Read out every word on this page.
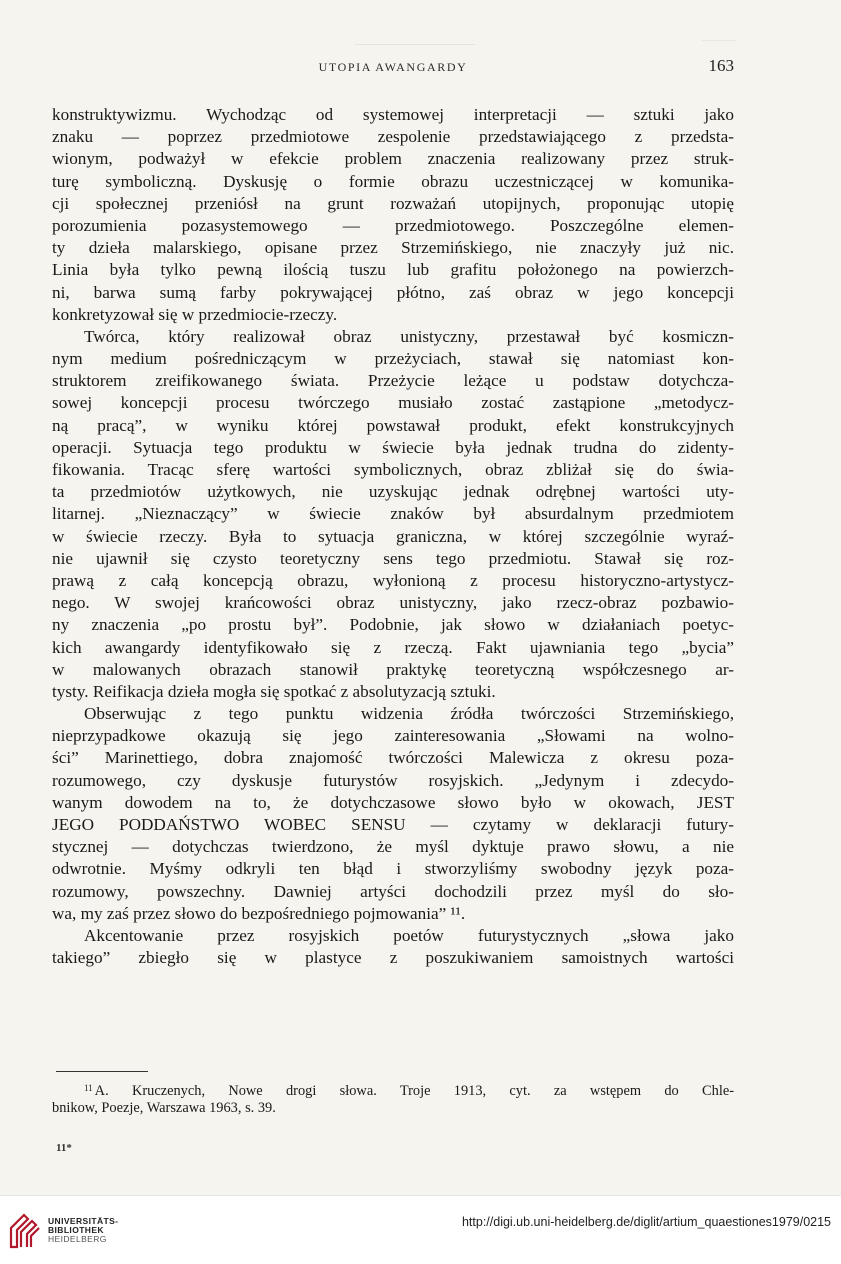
UTOPIA AWANGARDY	163
konstruktywizmu. Wychodząc od systemowej interpretacji — sztuki jako
znaku — poprzez przedmiotowe zespolenie przedstawiającego z przedsta-
wionym, podważył w efekcie problem znaczenia realizowany przez struk-
turę symboliczną. Dyskusję o formie obrazu uczestniczącej w komunika-
cji społecznej przeniósł na grunt rozważań utopijnych, proponując utopię
porozumienia pozasystemowego — przedmiotowego. Poszczególne elemen-
ty dzieła malarskiego, opisane przez Strzemińskiego, nie znaczyły już nic.
Linia była tylko pewną ilością tuszu lub grafitu położonego na powierzch-
ni, barwa sumą farby pokrywającej płótno, zaś obraz w jego koncepcji
konkretyzował się w przedmiocie-rzeczy.
Twórca, który realizował obraz unistyczny, przestawał być kosmiczn-
nym medium pośredniczącym w przeżyciach, stawał się natomiast kon-
struktorem zreifikowanego świata. Przeżycie leżące u podstaw dotychcza-
sowej koncepcji procesu twórczego musiało zostać zastąpione „metodycz-
ną pracą”, w wyniku której powstawał produkt, efekt konstrukcyjnych
operacji. Sytuacja tego produktu w świecie była jednak trudna do zidenty-
fikowania. Tracąc sferę wartości symbolicznych, obraz zbliżał się do świa-
ta przedmiotów użytkowych, nie uzyskując jednak odrębnej wartości uty-
litarnej. „Nieznaczący” w świecie znaków był absurdalnym przedmiotem
w świecie rzeczy. Była to sytuacja graniczna, w której szczególnie wyraź-
nie ujawnił się czysto teoretyczny sens tego przedmiotu. Stawał się roz-
prawą z całą koncepcją obrazu, wyłonioną z procesu historyczno-artystycz-
nego. W swojej krańcowości obraz unistyczny, jako rzecz-obraz pozbawio-
ny znaczenia „po prostu był”. Podobnie, jak słowo w działaniach poetyc-
kich awangardy identyfikowało się z rzeczą. Fakt ujawniania tego „bycia”
w malowanych obrazach stanowił praktykę teoretyczną współczesnego ar-
tysty. Reifikacja dzieła mogła się spotkać z absolutyzacją sztuki.
Obserwując z tego punktu widzenia źródła twórczości Strzemińskiego,
nieprzypadkowe okazują się jego zainteresowania „Słowami na wolno-
ści” Marinettiego, dobra znajomość twórczości Malewicza z okresu poza-
rozumowego, czy dyskusje futurystów rosyjskich. „Jedynym i zdecydo-
wanym dowodem na to, że dotychczasowe słowo było w okowach, JEST
JEGO PODDAŃSTWO WOBEC SENSU — czytamy w deklaracji futury-
stycznej — dotychczas twierdzono, że myśl dyktuje prawo słowu, a nie
odwrotnie. Myśmy odkryli ten błąd i stworzyliśmy swobodny język poza-
rozumowy, powszechny. Dawniej artyści dochodzili przez myśl do sło-
wa, my zaś przez słowo do bezpośredniego pojmowania” ¹¹.
Akcentowanie przez rosyjskich poetów futurystycznych „słowa jako
takiego” zbiegło się w plastyce z poszukiwaniem samoistnych wartości
$^{11}$ A. Kruczenych, Nowe drogi słowa. Troje 1913, cyt. za wstępem do Chle-
bnikow, Poezje, Warszawa 1963, s. 39.
11*
UNIVERSITÄTS-
BIBLIOTHEK
HEIDELBERG
http://digi.ub.uni-heidelberg.de/diglit/artium_quaestiones1979/0215
